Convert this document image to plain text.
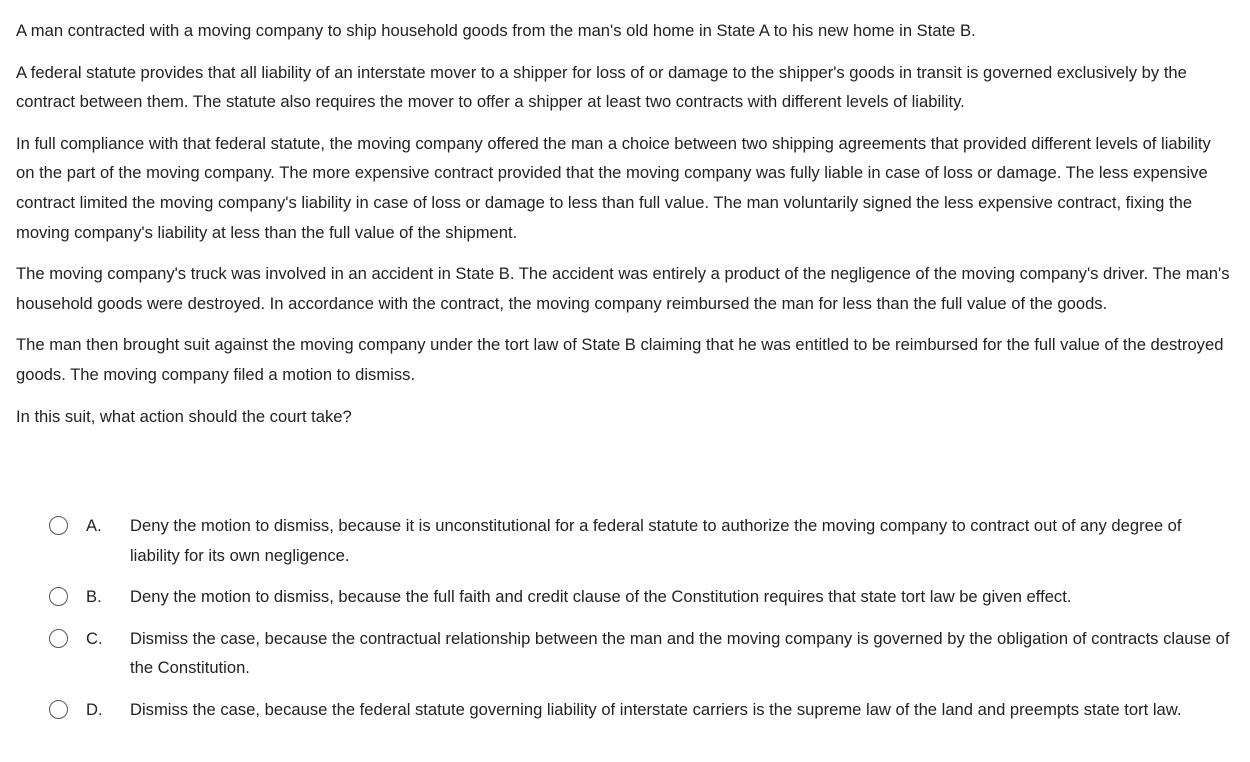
A man contracted with a moving company to ship household goods from the man's old home in State A to his new home in State B.

A federal statute provides that all liability of an interstate mover to a shipper for loss of or damage to the shipper's goods in transit is governed exclusively by the contract between them. The statute also requires the mover to offer a shipper at least two contracts with different levels of liability.

In full compliance with that federal statute, the moving company offered the man a choice between two shipping agreements that provided different levels of liability on the part of the moving company. The more expensive contract provided that the moving company was fully liable in case of loss or damage. The less expensive contract limited the moving company's liability in case of loss or damage to less than full value. The man voluntarily signed the less expensive contract, fixing the moving company's liability at less than the full value of the shipment.

The moving company's truck was involved in an accident in State B. The accident was entirely a product of the negligence of the moving company's driver. The man's household goods were destroyed. In accordance with the contract, the moving company reimbursed the man for less than the full value of the goods.

The man then brought suit against the moving company under the tort law of State B claiming that he was entitled to be reimbursed for the full value of the destroyed goods. The moving company filed a motion to dismiss.

In this suit, what action should the court take?

A.	Deny the motion to dismiss, because it is unconstitutional for a federal statute to authorize the moving company to contract out of any degree of liability for its own negligence.
B.	Deny the motion to dismiss, because the full faith and credit clause of the Constitution requires that state tort law be given effect.
C.	Dismiss the case, because the contractual relationship between the man and the moving company is governed by the obligation of contracts clause of the Constitution.
D.	Dismiss the case, because the federal statute governing liability of interstate carriers is the supreme law of the land and preempts state tort law.
